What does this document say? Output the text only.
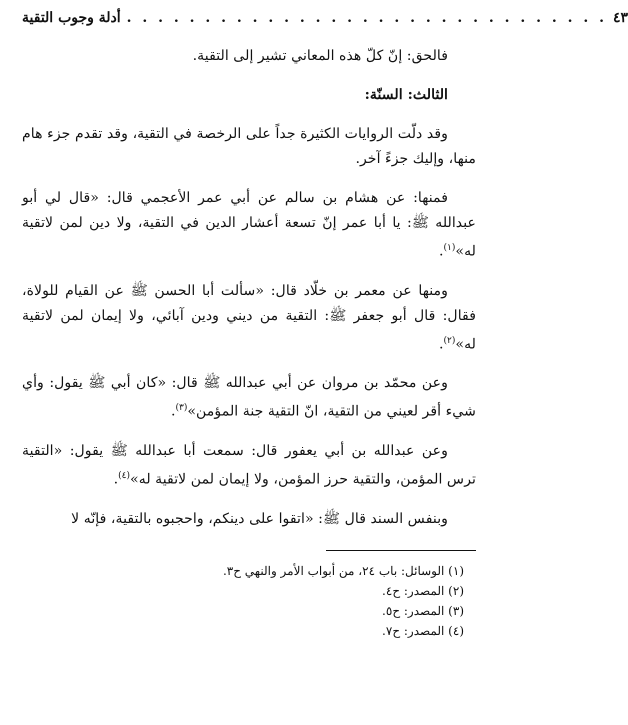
أدلة وجوب التقية . . . . . . . . . . . . . . . . . . . . . . . . . . . . . . . ٤٣

فالحق: إنّ كلّ هذه المعاني تشير إلى التقية.

الثالث: السنّة:

وقد دلّت الروايات الكثيرة جداً على الرخصة في التقية، وقد تقدم جزء هام منها، وإليك جزءً آخر.

فمنها: عن هشام بن سالم عن أبي عمر الأعجمي قال: «قال لي أبو عبدالله ﷺ: يا أبا عمر إنّ تسعة أعشار الدين في التقية، ولا دين لمن لاتقية له»$^{(١)}$.

ومنها عن معمر بن خلّاد قال: «سألت أبا الحسن ﷺ عن القيام للولاة، فقال: قال أبو جعفر ﷺ: التقية من ديني ودين آبائي، ولا إيمان لمن لاتقية له»$^{(٢)}$.

وعن محمّد بن مروان عن أبي عبدالله ﷺ قال: «كان أبي ﷺ يقول: وأي شيء أقر لعيني من التقية، انّ التقية جنة المؤمن»$^{(٣)}$.

وعن عبدالله بن أبي يعفور قال: سمعت أبا عبدالله ﷺ يقول: «التقية ترس المؤمن، والتقية حرز المؤمن، ولا إيمان لمن لاتقية له»$^{(٤)}$.

وبنفس السند قال ﷺ: «اتقوا على دينكم، واحجبوه بالتقية، فإنّه لا

(١) الوسائل: باب ٢٤، من أبواب الأمر والنهي ح٣.
(٢) المصدر: ح٤.
(٣) المصدر: ح٥.
(٤) المصدر: ح٧.
